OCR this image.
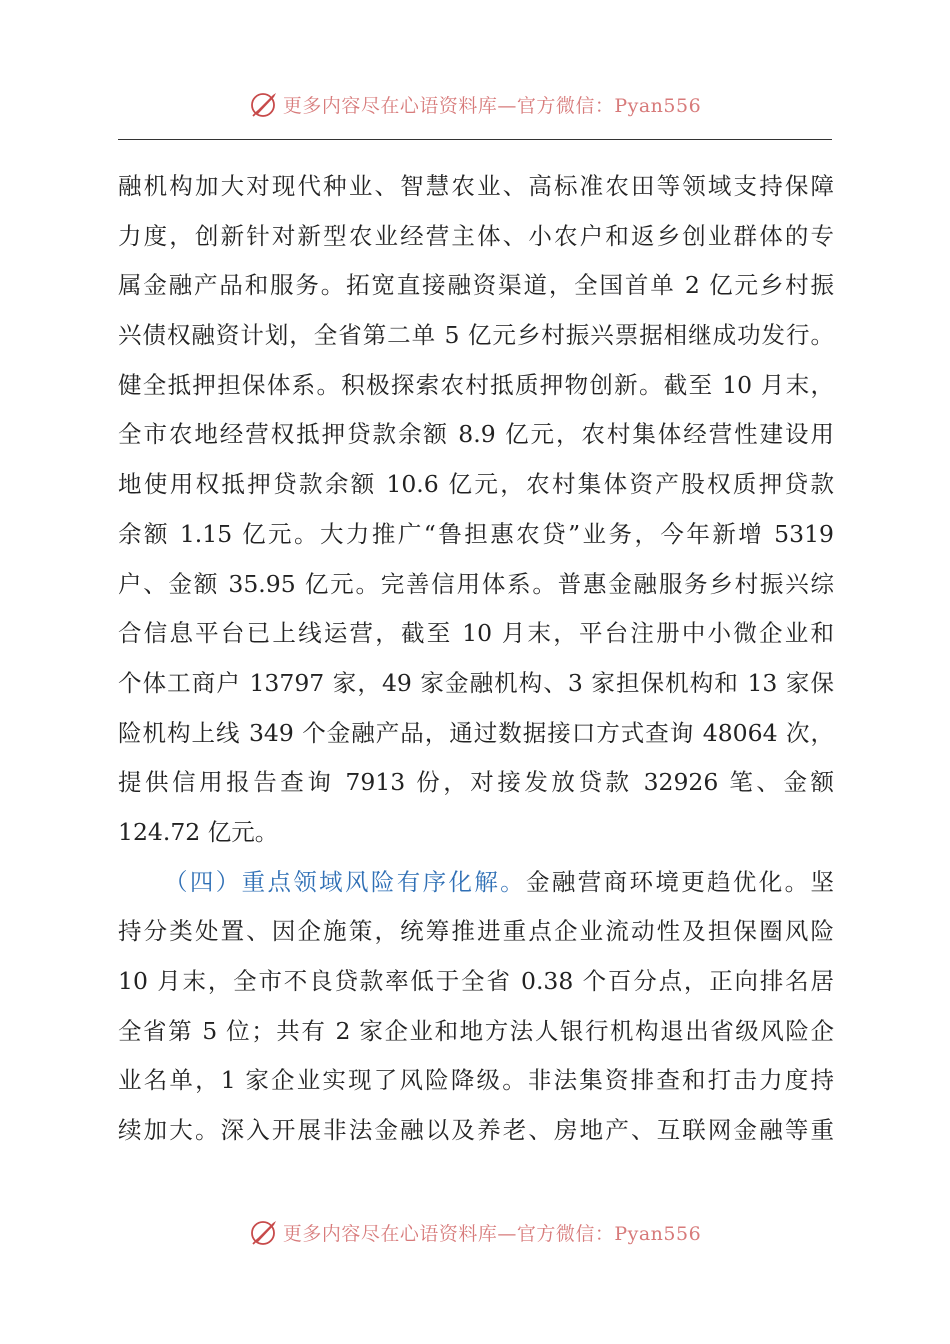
更多内容尽在心语资料库—官方微信：Pyan556
融机构加大对现代种业、智慧农业、高标准农田等领域支持保障
力度，创新针对新型农业经营主体、小农户和返乡创业群体的专
属金融产品和服务。拓宽直接融资渠道，全国首单 2 亿元乡村振
兴债权融资计划，全省第二单 5 亿元乡村振兴票据相继成功发行。
健全抵押担保体系。积极探索农村抵质押物创新。截至 10 月末，
全市农地经营权抵押贷款余额 8.9 亿元，农村集体经营性建设用
地使用权抵押贷款余额 10.6 亿元，农村集体资产股权质押贷款
余额 1.15 亿元。大力推广“鲁担惠农贷”业务，今年新增 5319
户、金额 35.95 亿元。完善信用体系。普惠金融服务乡村振兴综
合信息平台已上线运营，截至 10 月末，平台注册中小微企业和
个体工商户 13797 家，49 家金融机构、3 家担保机构和 13 家保
险机构上线 349 个金融产品，通过数据接口方式查询 48064 次，
提供信用报告查询 7913 份，对接发放贷款 32926 笔、金额
124.72 亿元。
（四）重点领域风险有序化解。金融营商环境更趋优化。坚
持分类处置、因企施策，统筹推进重点企业流动性及担保圈风险
10 月末，全市不良贷款率低于全省 0.38 个百分点，正向排名居
全省第 5 位；共有 2 家企业和地方法人银行机构退出省级风险企
业名单，1 家企业实现了风险降级。非法集资排查和打击力度持
续加大。深入开展非法金融以及养老、房地产、互联网金融等重
更多内容尽在心语资料库—官方微信：Pyan556
